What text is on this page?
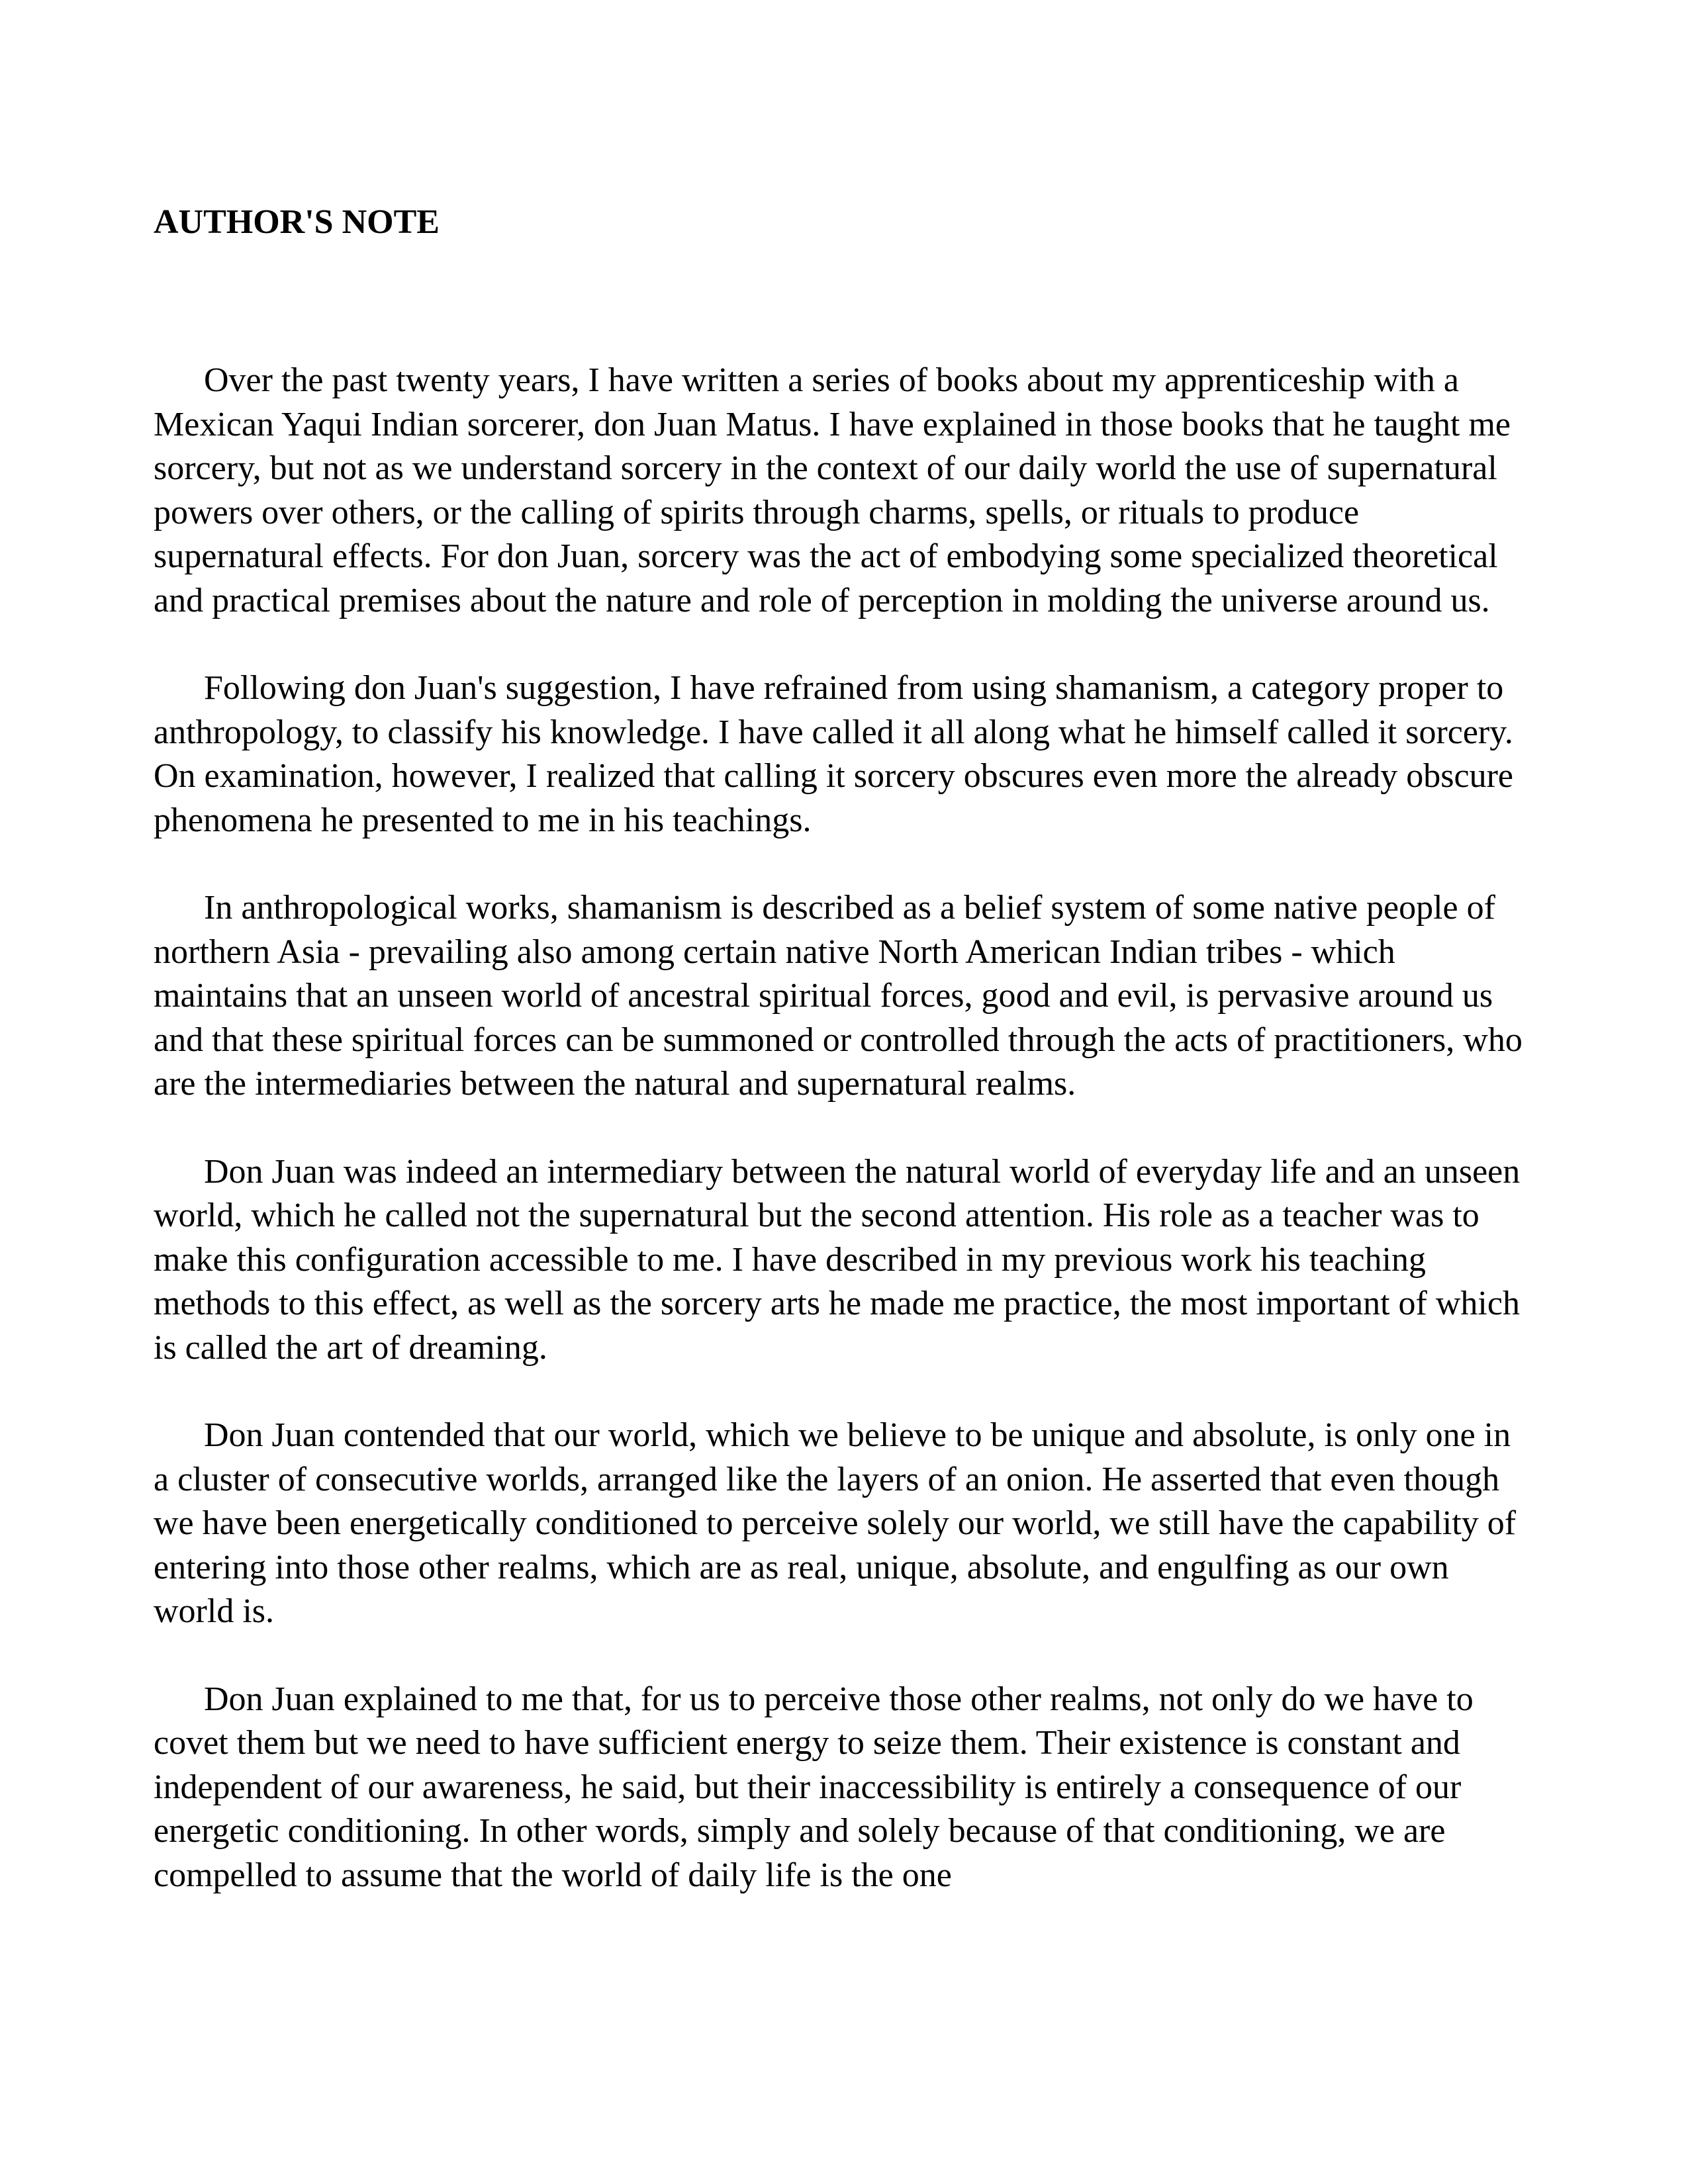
AUTHOR'S NOTE

Over the past twenty years, I have written a series of books about my apprenticeship with a Mexican Yaqui Indian sorcerer, don Juan Matus. I have explained in those books that he taught me sorcery, but not as we understand sorcery in the context of our daily world the use of supernatural powers over others, or the calling of spirits through charms, spells, or rituals to produce supernatural effects. For don Juan, sorcery was the act of embodying some specialized theoretical and practical premises about the nature and role of perception in molding the universe around us.

Following don Juan's suggestion, I have refrained from using shamanism, a category proper to anthropology, to classify his knowledge. I have called it all along what he himself called it sorcery. On examination, however, I realized that calling it sorcery obscures even more the already obscure phenomena he presented to me in his teachings.

In anthropological works, shamanism is described as a belief system of some native people of northern Asia - prevailing also among certain native North American Indian tribes - which maintains that an unseen world of ancestral spiritual forces, good and evil, is pervasive around us and that these spiritual forces can be summoned or controlled through the acts of practitioners, who are the intermediaries between the natural and supernatural realms.

Don Juan was indeed an intermediary between the natural world of everyday life and an unseen world, which he called not the supernatural but the second attention. His role as a teacher was to make this configuration accessible to me. I have described in my previous work his teaching methods to this effect, as well as the sorcery arts he made me practice, the most important of which is called the art of dreaming.

Don Juan contended that our world, which we believe to be unique and absolute, is only one in a cluster of consecutive worlds, arranged like the layers of an onion. He asserted that even though we have been energetically conditioned to perceive solely our world, we still have the capability of entering into those other realms, which are as real, unique, absolute, and engulfing as our own world is.

Don Juan explained to me that, for us to perceive those other realms, not only do we have to covet them but we need to have sufficient energy to seize them. Their existence is constant and independent of our awareness, he said, but their inaccessibility is entirely a consequence of our energetic conditioning. In other words, simply and solely because of that conditioning, we are compelled to assume that the world of daily life is the one
